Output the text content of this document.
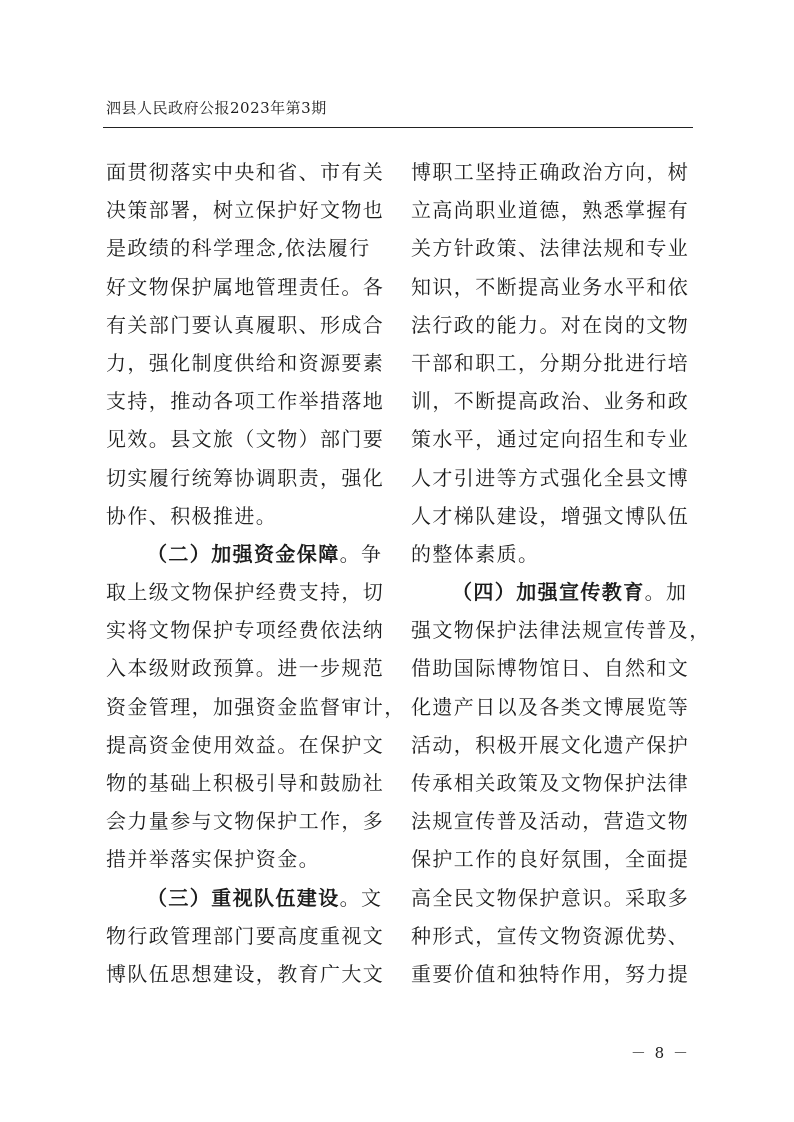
泗县人民政府公报2023年第3期
面贯彻落实中央和省、市有关
决策部署，树立保护好文物也
是政绩的科学理念,依法履行
好文物保护属地管理责任。各
有关部门要认真履职、形成合
力，强化制度供给和资源要素
支持，推动各项工作举措落地
见效。县文旅（文物）部门要
切实履行统筹协调职责，强化
协作、积极推进。
（二）加强资金保障。争
取上级文物保护经费支持，切
实将文物保护专项经费依法纳
入本级财政预算。进一步规范
资金管理，加强资金监督审计，
提高资金使用效益。在保护文
物的基础上积极引导和鼓励社
会力量参与文物保护工作，多
措并举落实保护资金。
（三）重视队伍建设。文
物行政管理部门要高度重视文
博队伍思想建设，教育广大文
博职工坚持正确政治方向，树
立高尚职业道德，熟悉掌握有
关方针政策、法律法规和专业
知识，不断提高业务水平和依
法行政的能力。对在岗的文物
干部和职工，分期分批进行培
训，不断提高政治、业务和政
策水平，通过定向招生和专业
人才引进等方式强化全县文博
人才梯队建设，增强文博队伍
的整体素质。
（四）加强宣传教育。加
强文物保护法律法规宣传普及，
借助国际博物馆日、自然和文
化遗产日以及各类文博展览等
活动，积极开展文化遗产保护
传承相关政策及文物保护法律
法规宣传普及活动，营造文物
保护工作的良好氛围，全面提
高全民文物保护意识。采取多
种形式，宣传文物资源优势、
重要价值和独特作用，努力提
－ 8 －
